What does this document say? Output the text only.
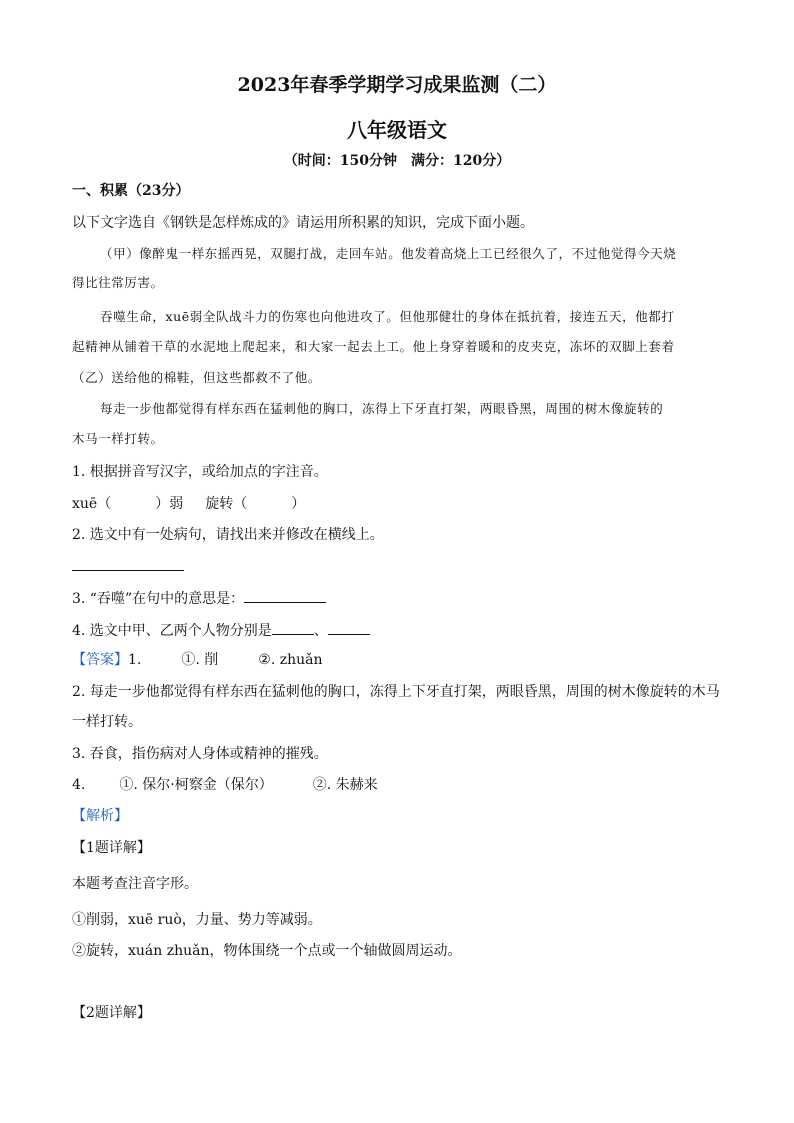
2023年春季学期学习成果监测（二）
八年级语文
（时间：150分钟　满分：120分）
一、积累（23分）
以下文字选自《钢铁是怎样炼成的》请运用所积累的知识，完成下面小题。
（甲）像醉鬼一样东摇西晃，双腿打战，走回车站。他发着高烧上工已经很久了，不过他觉得今天烧
得比往常厉害。
吞噬生命，xuē弱全队战斗力的伤寒也向他进攻了。但他那健壮的身体在抵抗着，接连五天，他都打
起精神从铺着干草的水泥地上爬起来，和大家一起去上工。他上身穿着暖和的皮夹克，冻坏的双脚上套着
（乙）送给他的棉鞋，但这些都救不了他。
每走一步他都觉得有样东西在猛刺他的胸口，冻得上下牙直打架，两眼昏黑，周围的树木像旋转的
木马一样打转。
1. 根据拼音写汉字，或给加点的字注音。
xuē（	）弱 旋转（	）
2. 选文中有一处病句，请找出来并修改在横线上。
3. “吞噬”在句中的意思是：
4. 选文中甲、乙两个人物分别是	、
【答案】1.	①. 削	②. zhuǎn
2. 每走一步他都觉得有样东西在猛刺他的胸口，冻得上下牙直打架，两眼昏黑，周围的树木像旋转的木马
一样打转。
3. 吞食，指伤病对人身体或精神的摧残。
4. ①. 保尔·柯察金（保尔）	②. 朱赫来
【解析】
【1题详解】
本题考查注音字形。
①削弱，xuē ruò，力量、势力等减弱。
②旋转，xuán zhuǎn，物体围绕一个点或一个轴做圆周运动。
【2题详解】
